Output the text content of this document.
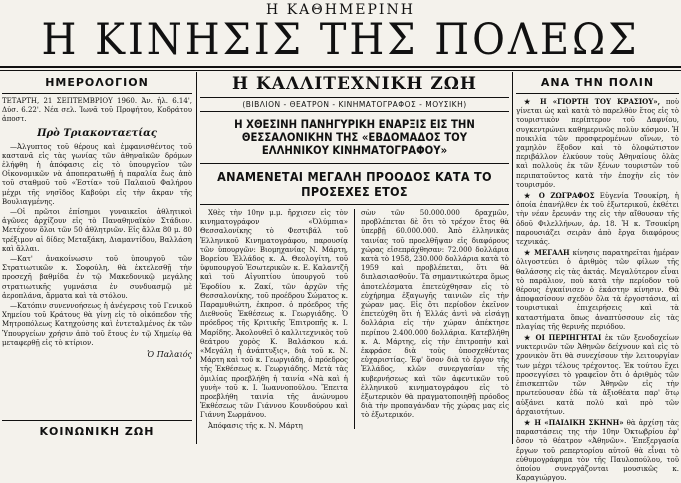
Η ΚΑΘΗΜΕΡΙΝΗ
Η ΚΙΝΗΣΙΣ ΤΗΣ ΠΟΛΕΩΣ
ΗΜΕΡΟΛΟΓΙΟΝ

ΤΕΤΑΡΤΗ, 21 ΣΕΠΤΕΜΒΡΙΟΥ 1960. Άν. ἡλ. 6.14', Δύσ. 6.22'. Νέα σελ. Ἰωνᾶ τοῦ Προφήτου, Κοδράτου ἀποστ.

Πρὸ Τριακονταετίας

—Ἀλγυπτος τοῦ θέρους καὶ ἐμφανισθέντος τοῦ καστανᾶ εἰς τὰς γωνίας τῶν ἀθηναϊκῶν δρόμων ἐλήφθη ἡ ἀπόφασις εἰς τὸ ὑπουργεῖον τῶν Οἰκονομικῶν νὰ ἀποπερατωθῇ ἡ παραλία ἕως ἀπὸ τοῦ σταθμοῦ τοῦ «Ἐστία» τοῦ Παλαιοῦ Φαλήρου μέχρι τῆς νησῖδος Καβούρι εἰς τὴν ἄκραν τῆς Βουλιαγμένης.

—Οἱ πρῶτοι ἐπίσημοι γυναικεῖοι ἀθλητικοὶ ἀγῶνες ἀρχίζουν εἰς τὸ Παναθηναϊκὸν Στάδιον. Μετέχουν ὅλοι τῶν 50 ἀθλητριῶν. Εἰς ἄλλα 80 μ. 80 τρέξιμον αἱ δίδες Μεταξάκη, Διαμαντίδου, Βαλλάση καὶ ἄλλαι.

—Κατ' ἀνακοίνωσιν τοῦ ὑπουργοῦ τῶν Στρατιωτικῶν κ. Σοφούλη, θὰ ἐκτελεσθῇ τὴν προσεχῆ βαθμίδα ἐν τῷ Μακεδονικῷ μεγάλης στρατιωτικῆς γυμνάσια ἐν συνδυασμῷ μὲ ἀεροπλάνα, ἄρματα καὶ τὰ στόλου.

—Κατόπιν συνεννοήσεως ἡ ἀνέγερσις τοῦ Γενικοῦ Χημείου τοῦ Κράτους θὰ γίνῃ εἰς τὸ οἰκόπεδον τῆς Μητροπόλεως Κατηχούσης καὶ ἐντεταλμένος ἐκ τῶν Ὑπουργείων χρήσιν ἀπὸ τοῦ ἔτους ἐν τῷ Χημείῳ θὰ μεταφερθῇ εἰς τὸ κτίριον.

Ὁ Παλαιός
ΚΟΙΝΩΝΙΚΗ ΖΩΗ
Η ΚΑΛΛΙΤΕΧΝΙΚΗ ΖΩΗ
(ΒΙΒΛΙΟΝ - ΘΕΑΤΡΟΝ - ΚΙΝΗΜΑΤΟΓΡΑΦΟΣ - ΜΟΥΣΙΚΗ)
Η ΧΘΕΣΙΝΗ ΠΑΝΗΓΥΡΙΚΗ ΕΝΑΡΞΙΣ ΕΙΣ ΤΗΝ ΘΕΣΣΑΛΟΝΙΚΗΝ ΤΗΣ «ΕΒΔΟΜΑΔΟΣ ΤΟΥ ΕΛΛΗΝΙΚΟΥ ΚΙΝΗΜΑΤΟΓΡΑΦΟΥ»
ΑΝΑΜΕΝΕΤΑΙ ΜΕΓΑΛΗ ΠΡΟΟΔΟΣ ΚΑΤΑ ΤΟ ΠΡΟΣΕΧΕΣ ΕΤΟΣ

Χθὲς τὴν 10ην μ.μ. ἤρχισεν εἰς τὸν κινηματογράφον «Ὀλύμπια» Θεσσαλονίκης τὸ Φεστιβάλ τοῦ Ἑλληνικοῦ Κινηματογράφου, παρουσίᾳ τῶν ὑπουργῶν: Βιομηχανίας Ν. Μάρτη, Βορείου Ἑλλάδος κ. Α. Θεολογίτη, τοῦ ὑφυπουργοῦ Ἐσωτερικῶν κ. Ε. Καλαντζῆ καὶ τοῦ Αἰγυπτίου ὑπουργοῦ τοῦ Ἐφοδίου κ. Ζακί, τῶν ἀρχῶν τῆς Θεσσαλονίκης, τοῦ προέδρου Σώματος κ. Παραμυθιώτη, ἐκπροσ. ὁ πρόεδρος τῆς Διεθνοῦς Ἐκθέσεως κ. Γεωργιάδης. Ὁ πρόεδρος τῆς Κριτικῆς Ἐπιτροπῆς κ. Ι. Μαρίδης. Ἀκολουθεῖ ὁ καλλιτεχνικὸς τοῦ θεάτρου χορὸς Κ. Βαλάσκου κ.ά. «Μεγάλη ἡ ἀνάπτυξις», διὰ τοῦ κ. Ν. Μάρτη καὶ τοῦ κ. Γεωργιάδη, ὁ πρόεδρος τῆς Ἐκθέσεως κ. Γεωργιάδης. Μετὰ τὰς ὁμιλίας προεβλήθη ἡ ταινία «Νὰ καὶ ἡ γυνὴ» τοῦ κ. Ι. Ἰωαννοπούλου. Ἔπειτα προεβλήθη ταινία τῆς ἀνώνυμου Ἐκθέσεως τῶν Γιάννου Κουνδούρου καὶ Γιάννη Σωρμάνου.

Ἀπόφασις τῆς κ. Ν. Μάρτη

σὼν τῶν 50.000.000 δραχμῶν, προβλέπεται δὲ ὅτι τὸ τρέχον ἔτος θὰ ὑπερβῇ 60.000.000. Ἀπὸ ἑλληνικὰς ταινίας τοῦ προελθῆψαν εἰς διαφόρους χώρας εἰσεπράχθησαν: 72.000 δολλάρια κατὰ τὸ 1958, 230.000 δολλάρια κατὰ τὸ 1959 καὶ προβλέπεται, ὅτι θὰ διπλασιασθοῦν. Τὰ σημαντικώτερα ὅμως ἀποτελέσματα ἐπετεύχθησαν εἰς τὸ εὐχήρημα ἐξαγωγῆς ταινιῶν εἰς τὴν χώραν μας. Εἰς ὅτι περίοδον ἐκεῖνον ἐπετεύχθη ὅτι ἡ Ἑλλάς ἀντὶ νὰ εἰσάγῃ δολλάρια εἰς τὴν χώραν ἀπέκτησε περίπου 2.400.000 δολλάρια. Κατεβλήθη κ. Α. Μάρτης, εἰς τὴν ἐπιτροπὴν καὶ ἐκφράσε διὰ τοὺς ὑποσχεθέντας εὐχαριστίας. Ἐφ' ὅσον διὰ τὸ ἔργον τῆς Ἑλλάδος, κλῶν συνεργασίαν τῆς κυβερνήσεως καὶ τῶν ἀφεντικῶν τοῦ ἑλληνικοῦ κινηματογράφου εἰς τὸ ἐξωτερικὸν θὰ πραγματοποιηθῇ πρόοδος διὰ τὴν προπαγάνδαν τῆς χώρας μας εἰς τὸ ἐξωτερικόν.

ΑΝΑ ΤΗΝ ΠΟΛΙΝ

★ Η «ΓΙΟΡΤΗ ΤΟΥ ΚΡΑΣΙΟΥ», ποὺ γίνεται ὡς καὶ κατὰ τὸ παρελθὸν ἔτος εἰς τὸ τουριστικὸν περίπτερον τοῦ Δαφνίου, συγκεντρώνει καθημερινῶς πολὺν κόσμον. Ἡ ποικιλία τῶν προσφερομένων οἴνων, τὸ χαμηλὸν ἔξοδον καὶ τὸ ὁλοφώτιστον περιβάλλον ἑλκύουν τοὺς Ἀθηναίους ὁλὰς καὶ πολλοὺς ἐκ τῶν ξένων τουριστῶν τοῦ περιπατοῦντος κατὰ τὴν ἐποχὴν εἰς τὸν τουρισμόν.

★ Ο ΖΩΓΡΑΦΟΣ Εὐγενία Τσουκίρη, ἡ ὁποία ἐπανήλθεν ἐκ τοῦ ἐξωτερικοῦ, ἐκθέτει τὴν νέαν ἔρευνάν της εἰς τὴν αἴθουσαν τῆς ὁδοῦ Φιλελλήνων, ἀρ. 18. Ἡ κ. Τσουκίρη παρουσιάζει σειρὰν ἀπὸ ἔργα διαφόρους τεχνικάς.

★ ΜΕΓΑΛΗ κίνησις παρατηρεῖται ἡμέραν ὀλιγοστεύει ὁ ἀριθμὸς τῶν φίλων τῆς θαλάσσης εἰς τὰς ἀκτάς. Μεγαλύτερον εἶναι τὸ παράλιον, ποὺ κατὰ τὴν περίοδον τοῦ θέρους ἐγκαίνισεν ὁ ἑκάστην κίνησιν. Θὰ ἀποφασίσουν σχεδὸν ὅλα τὰ ἐργοστάσια, αἱ τουριστικαὶ ἐπιχειρήσεις καὶ τὰ καταστήματα ὅπως ἀναπτύσσουν εἰς τὰς πλαγίας τῆς θερινῆς περιόδου.

★ ΟΙ ΠΕΡΙΗΓΗΤΑΙ ἐκ τῶν ξενοδοχείων νυκτερινῶν τῶν Ἀθηνῶν δείχνουν καὶ εἰς τὸ χρονικὸν ὅτι θὰ συνεχίσουν τὴν λειτουργίαν των μέχρι τέλους τρέχοντος. Ἐκ τούτου ἔχει προσεγγίσει τὸ γραφεῖον ὅτι ὁ ἀριθμὸς τῶν ἐπισκεπτῶν τῶν Ἀθηνῶν εἰς τὴν πρωτεύουσαν ἐδὼ τὰ ἀξιοθέατα παρ' ὅτῳ αὐξάνει κατὰ πολύ καὶ πρὸ τῶν ἀρχαιοτήτων.

★ Η «ΠΑΙΔΙΚΗ ΣΚΗΝΗ» θὰ ἀρχίσῃ τὰς παραστάσεις της τὴν 10ην Ὀκτωβρίου ἐφ' ὅσον τὸ θέατρον «Ἀθηνῶν». Ἐπεξεργασία ἔργων τοῦ ρεπερτορίου αὐτοῦ θὰ εἶναι τὸ εὐθυμογράφημα τὸν τῆς Παυλοπούλου, τοῦ ὁποίου συνεργάζονται μουσικῶς κ. Καραγιώργου.
